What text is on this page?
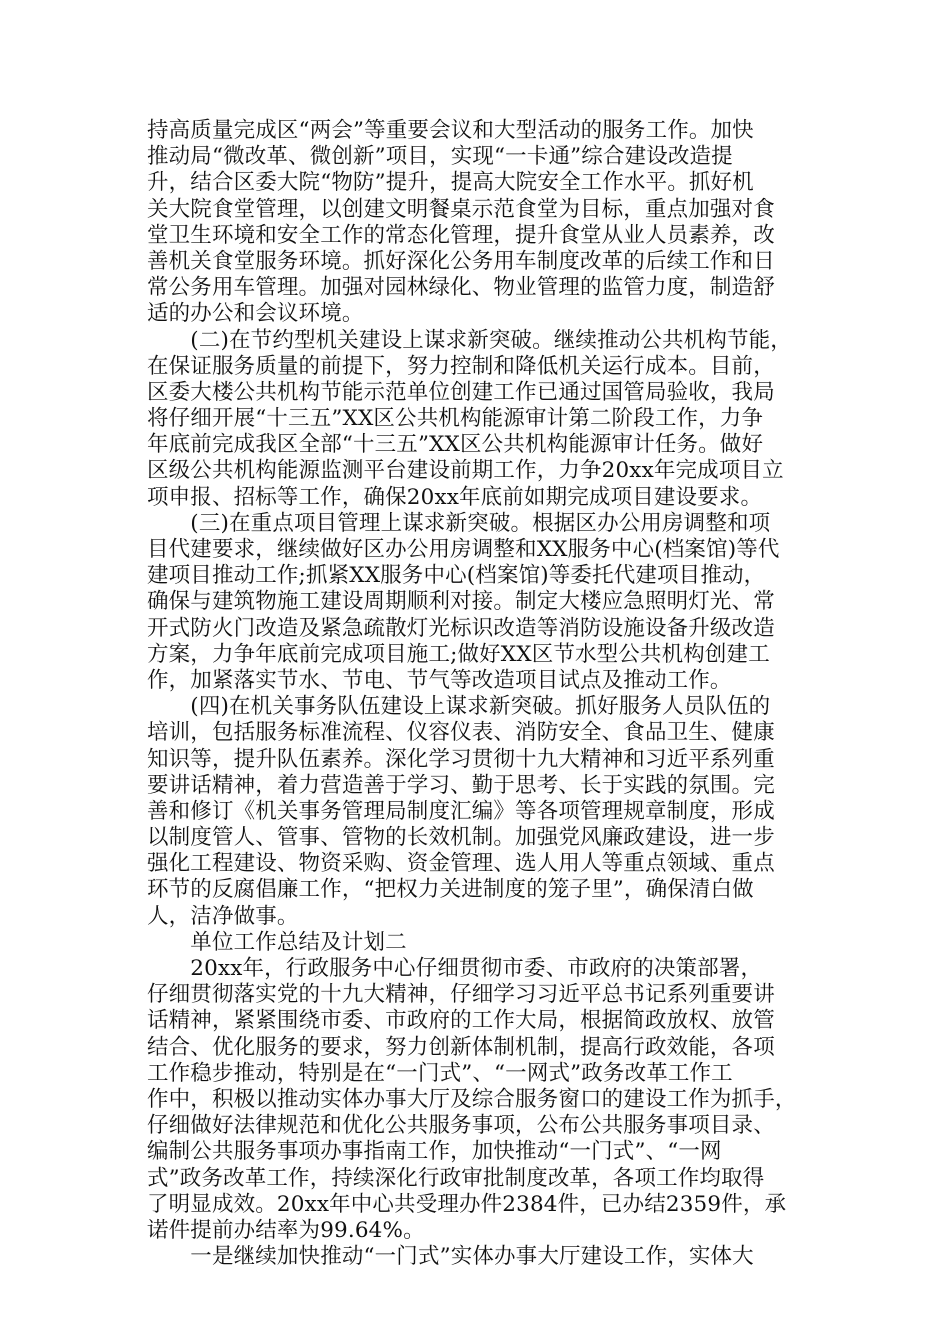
持高质量完成区“两会”等重要会议和大型活动的服务工作。加快
推动局“微改革、微创新”项目，实现“一卡通”综合建设改造提
升，结合区委大院“物防”提升，提高大院安全工作水平。抓好机
关大院食堂管理，以创建文明餐桌示范食堂为目标，重点加强对食
堂卫生环境和安全工作的常态化管理，提升食堂从业人员素养，改
善机关食堂服务环境。抓好深化公务用车制度改革的后续工作和日
常公务用车管理。加强对园林绿化、物业管理的监管力度，制造舒
适的办公和会议环境。
　　(二)在节约型机关建设上谋求新突破。继续推动公共机构节能，
在保证服务质量的前提下，努力控制和降低机关运行成本。目前，
区委大楼公共机构节能示范单位创建工作已通过国管局验收，我局
将仔细开展“十三五”XX区公共机构能源审计第二阶段工作，力争
年底前完成我区全部“十三五”XX区公共机构能源审计任务。做好
区级公共机构能源监测平台建设前期工作，力争20xx年完成项目立
项申报、招标等工作，确保20xx年底前如期完成项目建设要求。
　　(三)在重点项目管理上谋求新突破。根据区办公用房调整和项
目代建要求，继续做好区办公用房调整和XX服务中心(档案馆)等代
建项目推动工作;抓紧XX服务中心(档案馆)等委托代建项目推动，
确保与建筑物施工建设周期顺利对接。制定大楼应急照明灯光、常
开式防火门改造及紧急疏散灯光标识改造等消防设施设备升级改造
方案，力争年底前完成项目施工;做好XX区节水型公共机构创建工
作，加紧落实节水、节电、节气等改造项目试点及推动工作。
　　(四)在机关事务队伍建设上谋求新突破。抓好服务人员队伍的
培训，包括服务标准流程、仪容仪表、消防安全、食品卫生、健康
知识等，提升队伍素养。深化学习贯彻十九大精神和习近平系列重
要讲话精神，着力营造善于学习、勤于思考、长于实践的氛围。完
善和修订《机关事务管理局制度汇编》等各项管理规章制度，形成
以制度管人、管事、管物的长效机制。加强党风廉政建设，进一步
强化工程建设、物资采购、资金管理、选人用人等重点领域、重点
环节的反腐倡廉工作，“把权力关进制度的笼子里”，确保清白做
人，洁净做事。
　　单位工作总结及计划二
　　20xx年，行政服务中心仔细贯彻市委、市政府的决策部署，
仔细贯彻落实党的十九大精神，仔细学习习近平总书记系列重要讲
话精神，紧紧围绕市委、市政府的工作大局，根据简政放权、放管
结合、优化服务的要求，努力创新体制机制，提高行政效能，各项
工作稳步推动，特别是在“一门式”、“一网式”政务改革工作工
作中，积极以推动实体办事大厅及综合服务窗口的建设工作为抓手，
仔细做好法律规范和优化公共服务事项，公布公共服务事项目录、
编制公共服务事项办事指南工作，加快推动“一门式”、“一网
式”政务改革工作，持续深化行政审批制度改革，各项工作均取得
了明显成效。20xx年中心共受理办件2384件，已办结2359件，承
诺件提前办结率为99.64%。
　　一是继续加快推动“一门式”实体办事大厅建设工作，实体大
